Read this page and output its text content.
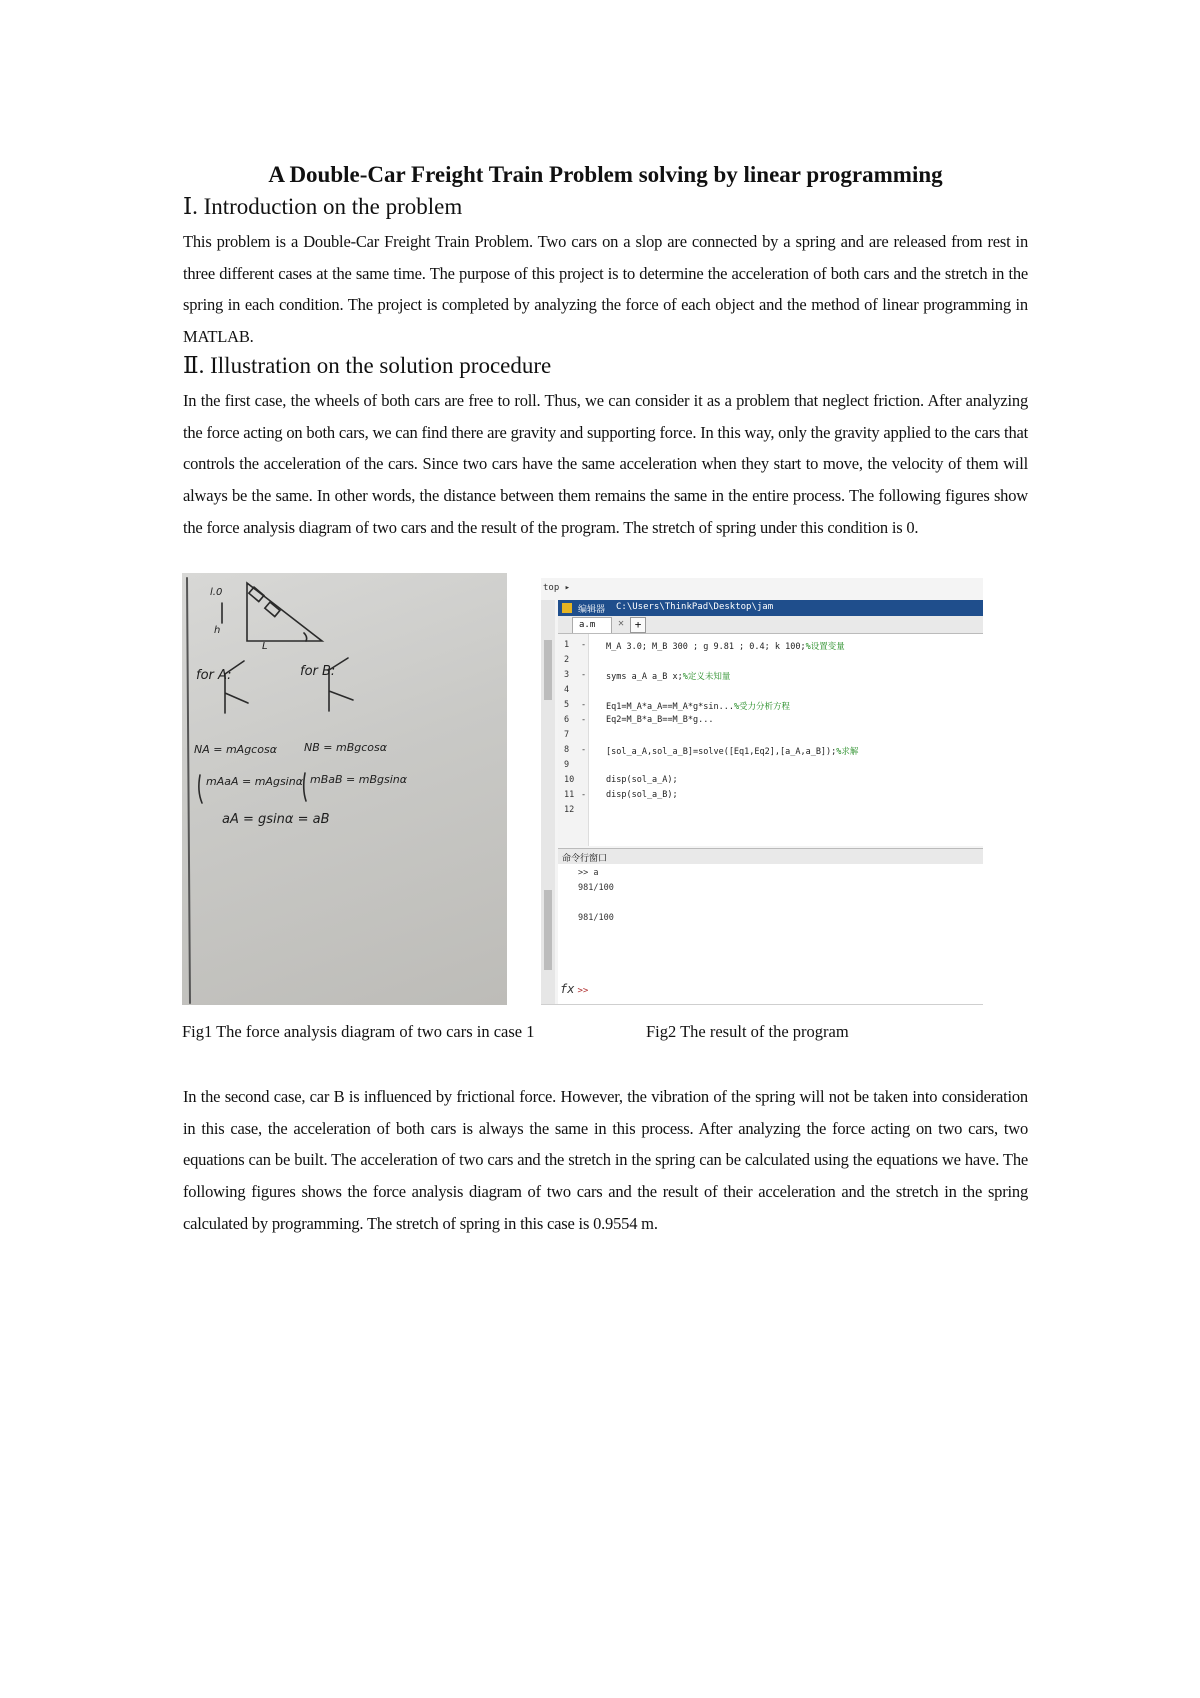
A Double-Car Freight Train Problem solving by linear programming
Ⅰ. Introduction on the problem
This problem is a Double-Car Freight Train Problem. Two cars on a slop are connected by a spring and are released from rest in three different cases at the same time. The purpose of this project is to determine the acceleration of both cars and the stretch in the spring in each condition. The project is completed by analyzing the force of each object and the method of linear programming in MATLAB.
Ⅱ. Illustration on the solution procedure
In the first case, the wheels of both cars are free to roll. Thus, we can consider it as a problem that neglect friction. After analyzing the force acting on both cars, we can find there are gravity and supporting force. In this way, only the gravity applied to the cars that controls the acceleration of the cars. Since two cars have the same acceleration when they start to move, the velocity of them will always be the same. In other words, the distance between them remains the same in the entire process. The following figures show the force analysis diagram of two cars and the result of the program. The stretch of spring under this condition is 0.
l.0
h
L
for A:	for B:
NA = mAgcosα NB = mBgcosα
mAaA = mAgsinα mBaB = mBgsinα
aA = gsinα = aB
top ▸
编辑器 C:\Users\ThinkPad\Desktop\jam
a.m ✕ +
1	- M_A 3.0; M_B 300 ; g 9.81 ; 0.4; k 100;%设置变量
2
3	- syms a_A a_B x;%定义未知量
4
5	- Eq1=M_A*a_A==M_A*g*sin...%受力分析方程
6	- Eq2=M_B*a_B==M_B*g...
7
8	- [sol_a_A,sol_a_B]=solve([Eq1,Eq2],[a_A,a_B]);%求解
9
10	disp(sol_a_A);
11 - disp(sol_a_B);
12
命令行窗口
>> a
981/100
981/100
fx >>
Fig1 The force analysis diagram of two cars in case 1	Fig2 The result of the program
In the second case, car B is influenced by frictional force. However, the vibration of the spring will not be taken into consideration in this case, the acceleration of both cars is always the same in this process. After analyzing the force acting on two cars, two equations can be built. The acceleration of two cars and the stretch in the spring can be calculated using the equations we have. The following figures shows the force analysis diagram of two cars and the result of their acceleration and the stretch in the spring calculated by programming. The stretch of spring in this case is 0.9554 m.
